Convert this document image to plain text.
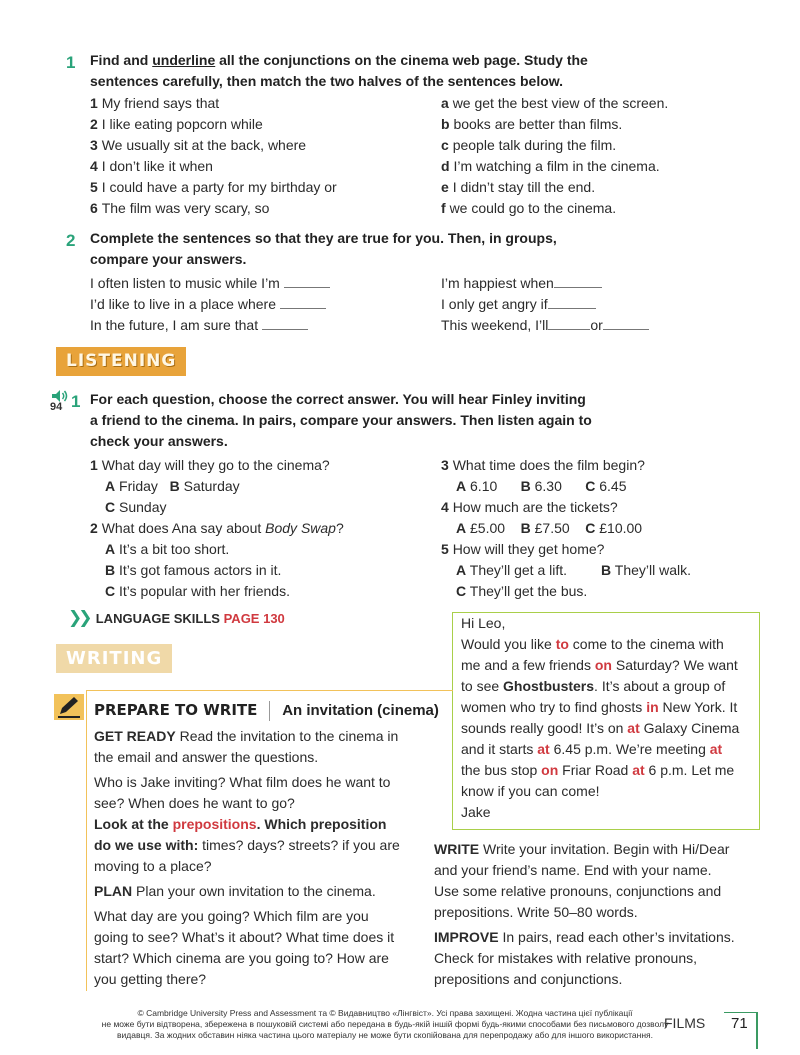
1 Find and underline all the conjunctions on the cinema web page. Study the
sentences carefully, then match the two halves of the sentences below.
1 My friend says that
2 I like eating popcorn while
3 We usually sit at the back, where
4 I don’t like it when
5 I could have a party for my birthday or
6 The film was very scary, so
a we get the best view of the screen.
b books are better than films.
c people talk during the film.
d I’m watching a film in the cinema.
e I didn’t stay till the end.
f we could go to the cinema.
2 Complete the sentences so that they are true for you. Then, in groups,
compare your answers.
I often listen to music while I’m
I’d like to live in a place where
In the future, I am sure that
I’m happiest when
I only get angry if
This weekend, I’ll	or
LISTENING
94 1 For each question, choose the correct answer. You will hear Finley inviting
a friend to the cinema. In pairs, compare your answers. Then listen again to
check your answers.
1 What day will they go to the cinema?
A Friday B Saturday
C Sunday
2 What does Ana say about Body Swap?
A It’s a bit too short.
B It’s got famous actors in it.
C It’s popular with her friends.
3 What time does the film begin?
A 6.10 B 6.30 C 6.45
4 How much are the tickets?
A £5.00 B £7.50 C £10.00
5 How will they get home?
A They’ll get a lift. B They’ll walk.
C They’ll get the bus.
❯❯ LANGUAGE SKILLS PAGE 130
WRITING
Hi Leo,
Would you like to come to the cinema with
me and a few friends on Saturday? We want
to see Ghostbusters. It’s about a group of
women who try to find ghosts in New York. It
sounds really good! It’s on at Galaxy Cinema
and it starts at 6.45 p.m. We’re meeting at
the bus stop on Friar Road at 6 p.m. Let me
know if you can come!
Jake
PREPARE TO WRITE An invitation (cinema)
GET READY Read the invitation to the cinema in
the email and answer the questions.
Who is Jake inviting? What film does he want to
see? When does he want to go?
Look at the prepositions. Which preposition
do we use with: times? days? streets? if you are
moving to a place?
PLAN Plan your own invitation to the cinema.
What day are you going? Which film are you
going to see? What’s it about? What time does it
start? Which cinema are you going to? How are
you getting there?
WRITE Write your invitation. Begin with Hi/Dear
and your friend’s name. End with your name.
Use some relative pronouns, conjunctions and
prepositions. Write 50–80 words.
IMPROVE In pairs, read each other’s invitations.
Check for mistakes with relative pronouns,
prepositions and conjunctions.
© Cambridge University Press and Assessment та © Видавництво «Лінгвіст». Усі права захищені. Жодна частина цієї публікації
не може бути відтворена, збережена в пошуковій системі або передана в будь-якій іншій формі будь-якими способами без письмового дозволу
видавця. За жодних обставин ніяка частина цього матеріалу не може бути скопійована для перепродажу або для іншого використання.
FILMS 71
